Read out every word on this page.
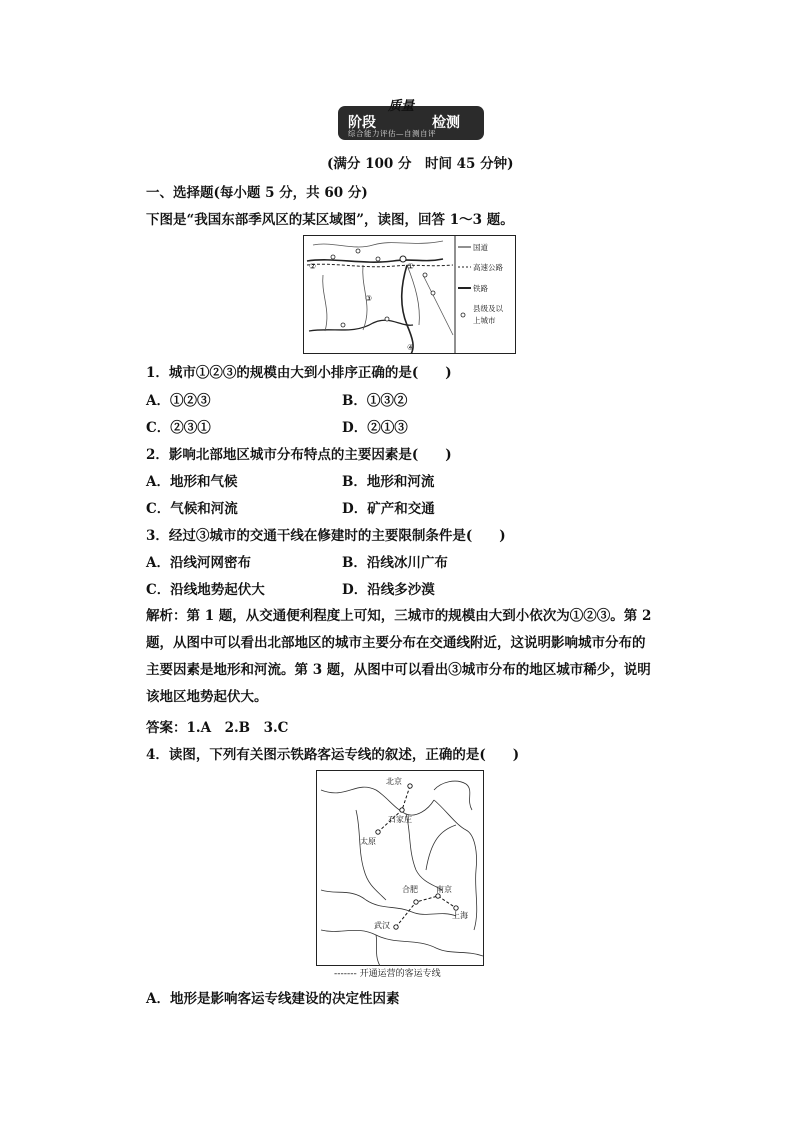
质量
阶段	检测
综合能力评估—自测自评
(满分 100 分　时间 45 分钟)
一、选择题(每小题 5 分，共 60 分)
下图是“我国东部季风区的某区域图”，读图，回答 1～3 题。
②
③
①
④
国道
高速公路
铁路
县级及以
上城市
1．城市①②③的规模由大到小排序正确的是(　　)
A．①②③	B．①③②
C．②③①	D．②①③
2．影响北部地区城市分布特点的主要因素是(　　)
A．地形和气候	B．地形和河流
C．气候和河流	D．矿产和交通
3．经过③城市的交通干线在修建时的主要限制条件是(　　)
A．沿线河网密布	B．沿线冰川广布
C．沿线地势起伏大	D．沿线多沙漠
解析：第 1 题，从交通便利程度上可知，三城市的规模由大到小依次为①②③。第 2 题，从图中可以看出北部地区的城市主要分布在交通线附近，这说明影响城市分布的主要因素是地形和河流。第 3 题，从图中可以看出③城市分布的地区城市稀少，说明该地区地势起伏大。
答案：1.A　2.B　3.C
4．读图，下列有关图示铁路客运专线的叙述，正确的是(　　)
北京
石家庄
太原
合肥 南京
上海
武汉
------- 开通运营的客运专线
A．地形是影响客运专线建设的决定性因素
